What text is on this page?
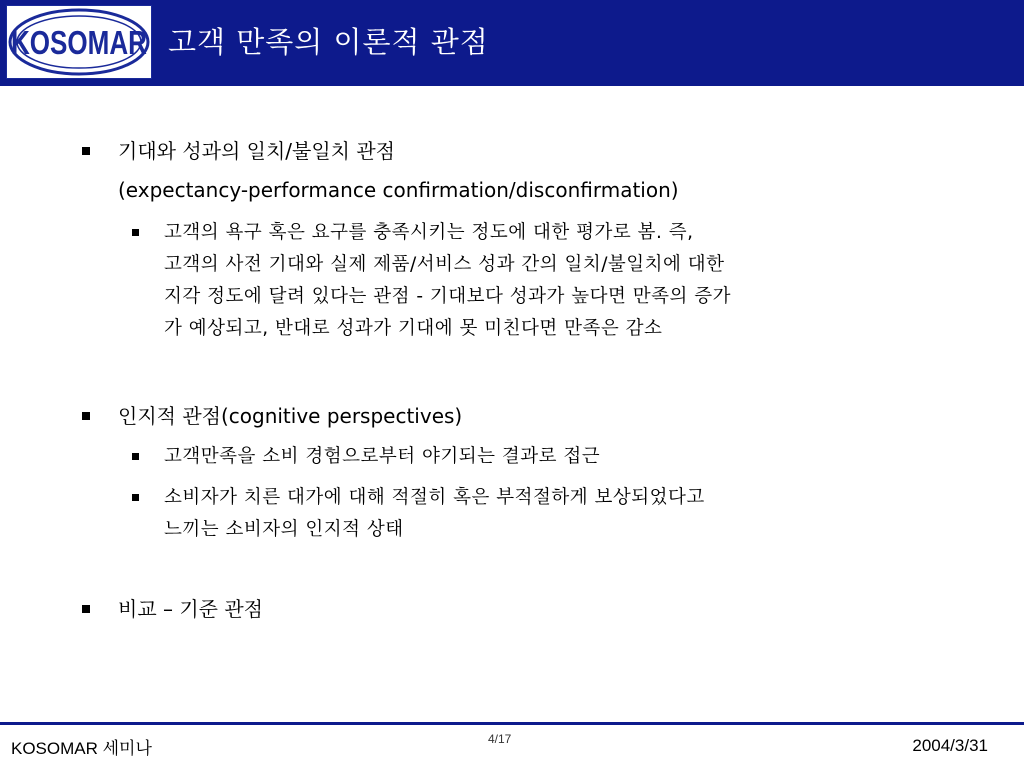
KOSOMAR 고객 만족의 이론적 관점
기대와 성과의 일치/불일치 관점
(expectancy-performance confirmation/disconfirmation)
고객의 욕구 혹은 요구를 충족시키는 정도에 대한 평가로 봄. 즉,
고객의 사전 기대와 실제 제품/서비스 성과 간의 일치/불일치에 대한
지각 정도에 달려 있다는 관점 - 기대보다 성과가 높다면 만족의 증가
가 예상되고, 반대로 성과가 기대에 못 미친다면 만족은 감소
인지적 관점(cognitive perspectives)
고객만족을 소비 경험으로부터 야기되는 결과로 접근
소비자가 치른 대가에 대해 적절히 혹은 부적절하게 보상되었다고
느끼는 소비자의 인지적 상태
비교 – 기준 관점
KOSOMAR 세미나	4/17	2004/3/31
